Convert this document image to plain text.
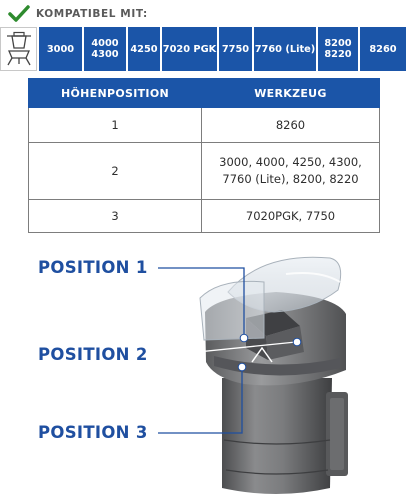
KOMPATIBEL MIT:
3000 4000
4300 4250 7020 PGK 7750 7760 (Lite) 8200
8220 8260
HÖHENPOSITION	WERKZEUG
1	8260
2	3000, 4000, 4250, 4300,
7760 (Lite), 8200, 8220
3	7020PGK, 7750
POSITION 1
POSITION 2
POSITION 3
